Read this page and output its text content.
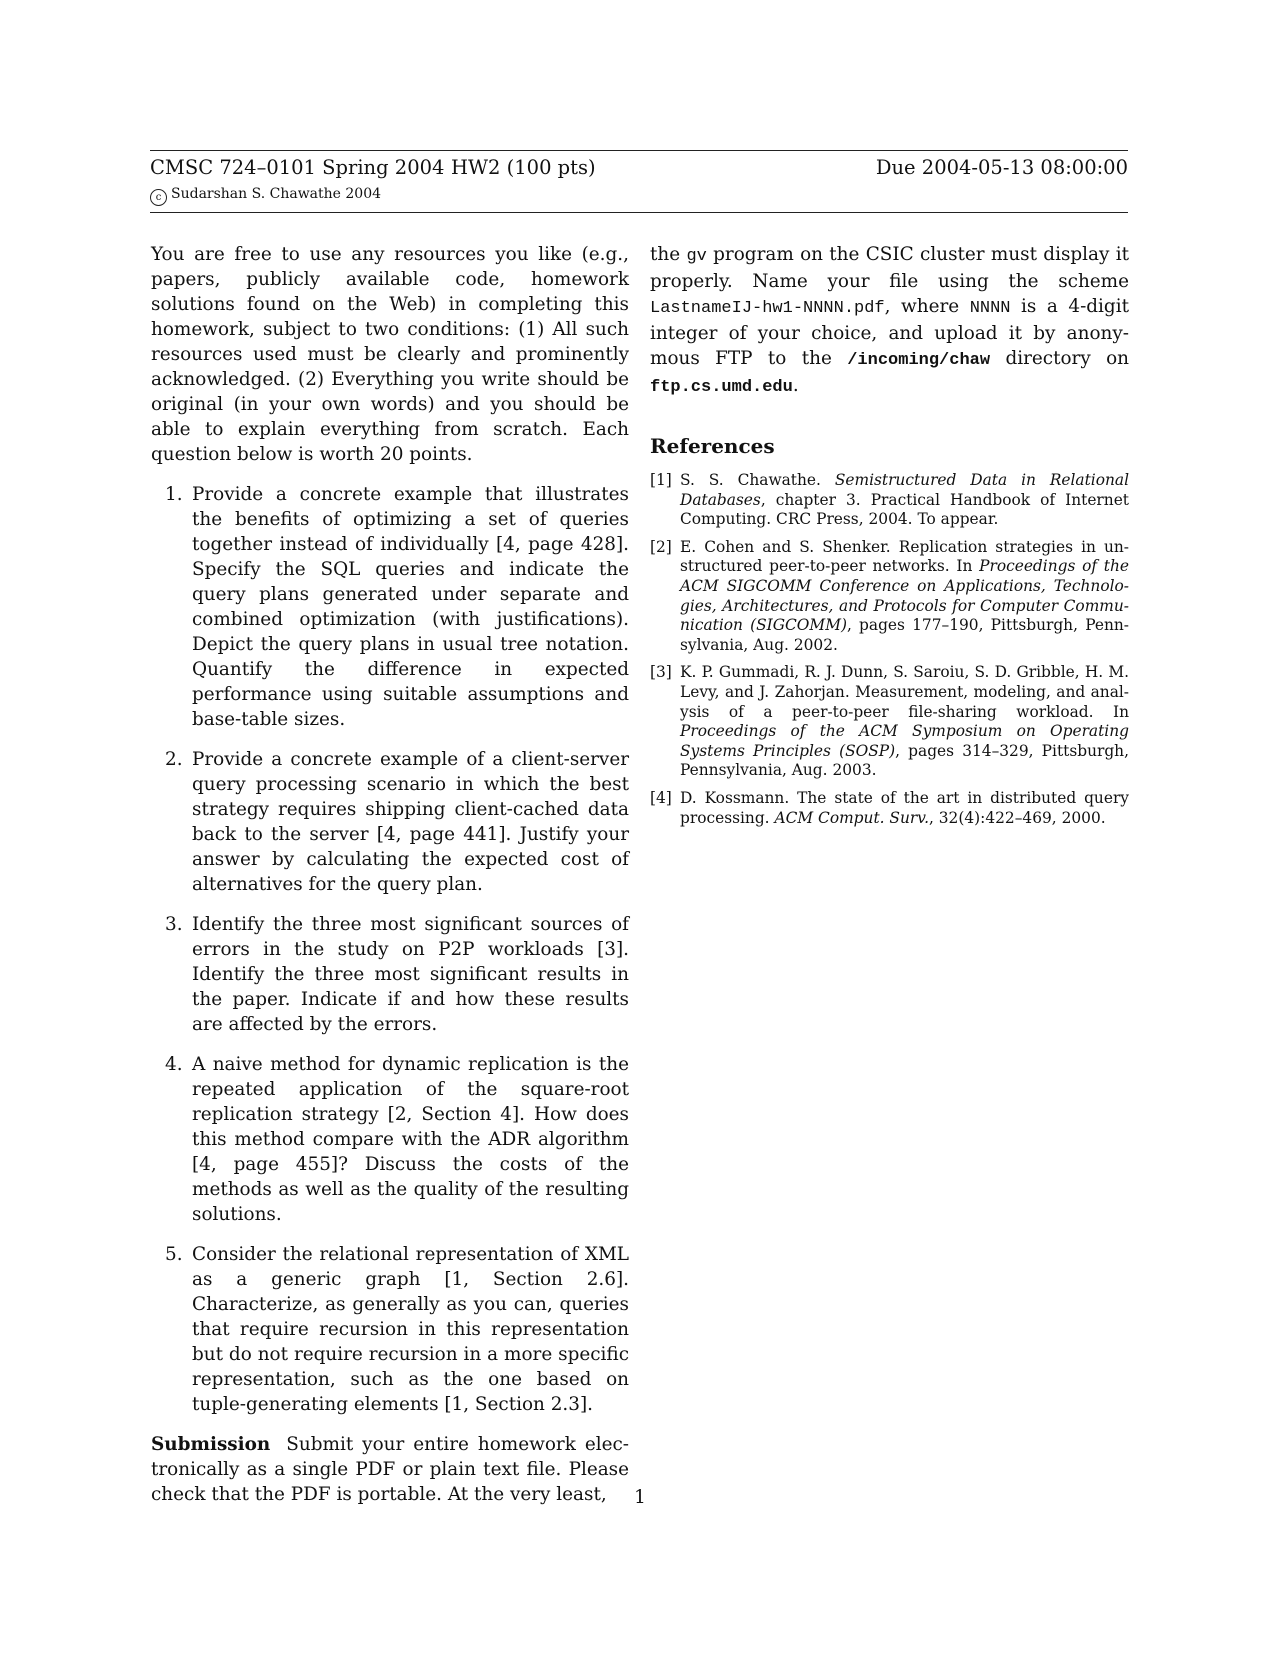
CMSC 724–0101 Spring 2004 HW2 (100 pts)	Due 2004-05-13 08:00:00
c Sudarshan S. Chawathe 2004

You are free to use any resources you like (e.g., papers, publicly available code, homework solutions found on the Web) in completing this homework, subject to two conditions: (1) All such resources used must be clearly and prominently acknowledged. (2) Everything you write should be original (in your own words) and you should be able to explain everything from scratch. Each question below is worth 20 points.

1. Provide a concrete example that illustrates the benefits of optimizing a set of queries together instead of individually [4, page 428]. Specify the SQL queries and indicate the query plans generated under separate and combined optimization (with justifications). Depict the query plans in usual tree notation. Quantify the difference in expected performance using suitable assumptions and base-table sizes.

2. Provide a concrete example of a client-server query processing scenario in which the best strategy requires shipping client-cached data back to the server [4, page 441]. Justify your answer by calculating the expected cost of alternatives for the query plan.

3. Identify the three most significant sources of errors in the study on P2P workloads [3]. Identify the three most significant results in the paper. Indicate if and how these results are affected by the errors.

4. A naive method for dynamic replication is the repeated application of the square-root replication strategy [2, Section 4]. How does this method compare with the ADR algorithm [4, page 455]? Discuss the costs of the methods as well as the quality of the resulting solutions.

5. Consider the relational representation of XML as a generic graph [1, Section 2.6]. Characterize, as generally as you can, queries that require recursion in this representation but do not require recursion in a more specific representation, such as the one based on tuple-generating elements [1, Section 2.3].

Submission Submit your entire homework electronically as a single PDF or plain text file. Please check that the PDF is portable. At the very least,

the gv program on the CSIC cluster must display it properly. Name your file using the scheme LastnameIJ-hw1-NNNN.pdf, where NNNN is a 4-digit integer of your choice, and upload it by anonymous FTP to the /incoming/chaw directory on ftp.cs.umd.edu.

References
[1] S. S. Chawathe. Semistructured Data in Relational Databases, chapter 3. Practical Handbook of Internet Computing. CRC Press, 2004. To appear.
[2] E. Cohen and S. Shenker. Replication strategies in unstructured peer-to-peer networks. In Proceedings of the ACM SIGCOMM Conference on Applications, Technologies, Architectures, and Protocols for Computer Communication (SIGCOMM), pages 177–190, Pittsburgh, Pennsylvania, Aug. 2002.
[3] K. P. Gummadi, R. J. Dunn, S. Saroiu, S. D. Gribble, H. M. Levy, and J. Zahorjan. Measurement, modeling, and analysis of a peer-to-peer file-sharing workload. In Proceedings of the ACM Symposium on Operating Systems Principles (SOSP), pages 314–329, Pittsburgh, Pennsylvania, Aug. 2003.
[4] D. Kossmann. The state of the art in distributed query processing. ACM Comput. Surv., 32(4):422–469, 2000.
1
